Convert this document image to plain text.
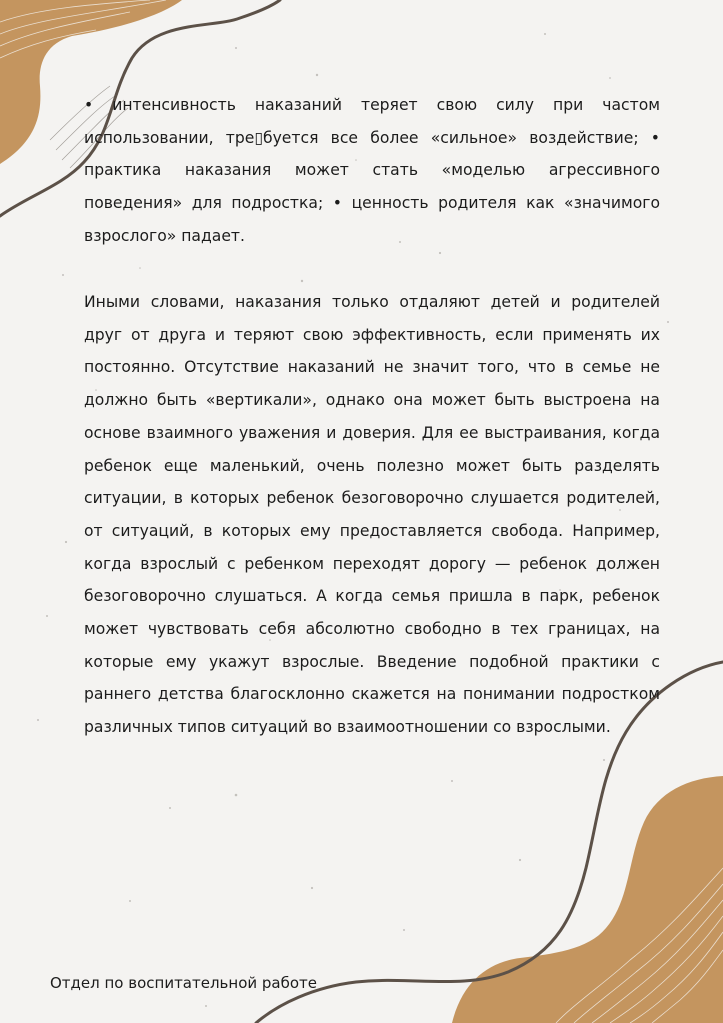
• интенсивность наказаний теряет свою силу при частом использовании, тре▯буется все более «сильное» воздействие; • практика наказания может стать «моделью агрессивного поведения» для подростка; • ценность родителя как «значимого взрослого» падает.

Иными словами, наказания только отдаляют детей и родителей друг от друга и теряют свою эффективность, если применять их постоянно. Отсутствие наказаний не значит того, что в семье не должно быть «вертикали», однако она может быть выстроена на основе взаимного уважения и доверия. Для ее выстраивания, когда ребенок еще маленький, очень полезно может быть разделять ситуации, в которых ребенок безоговорочно слушается родителей, от ситуаций, в которых ему предоставляется свобода. Например, когда взрослый с ребенком переходят дорогу — ребенок должен безоговорочно слушаться. А когда семья пришла в парк, ребенок может чувствовать себя абсолютно свободно в тех границах, на которые ему укажут взрослые. Введение подобной практики с раннего детства благосклонно скажется на понимании подростком различных типов ситуаций во взаимоотношении со взрослыми.

Отдел по воспитательной работе
